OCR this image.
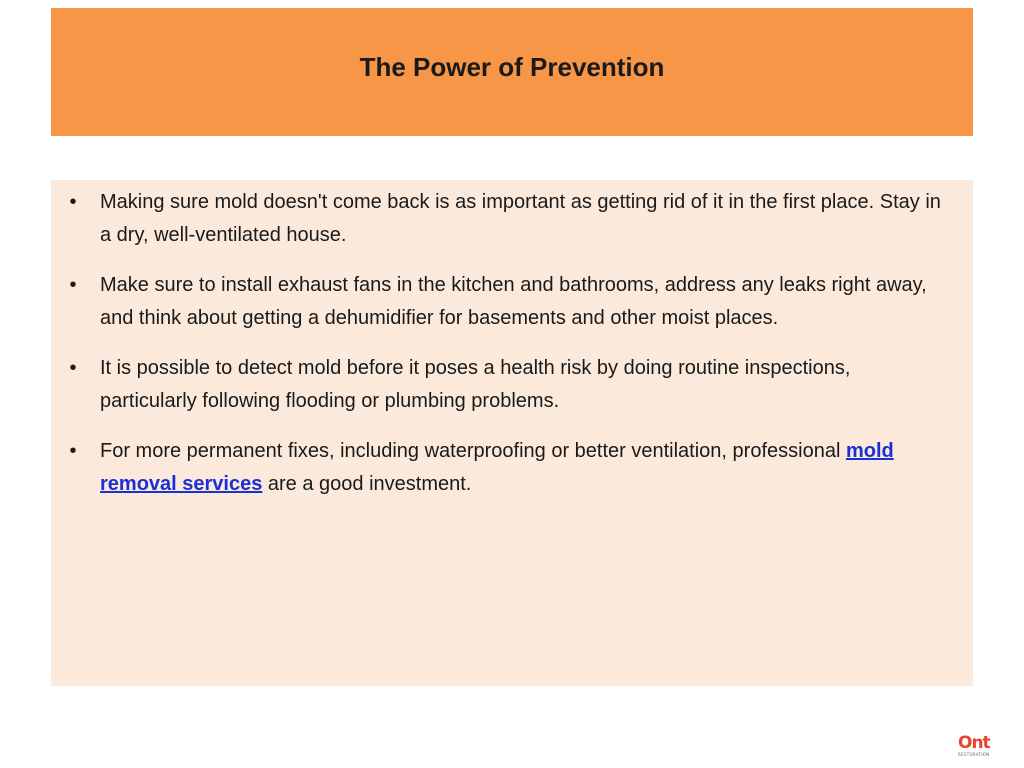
The Power of Prevention
•	Making sure mold doesn't come back is as important as getting rid of it in the first place. Stay in a dry, well-ventilated house.
•	Make sure to install exhaust fans in the kitchen and bathrooms, address any leaks right away, and think about getting a dehumidifier for basements and other moist places.
•	It is possible to detect mold before it poses a health risk by doing routine inspections, particularly following flooding or plumbing problems.
•	For more permanent fixes, including waterproofing or better ventilation, professional mold removal services are a good investment.
Ont
RESTORATION
